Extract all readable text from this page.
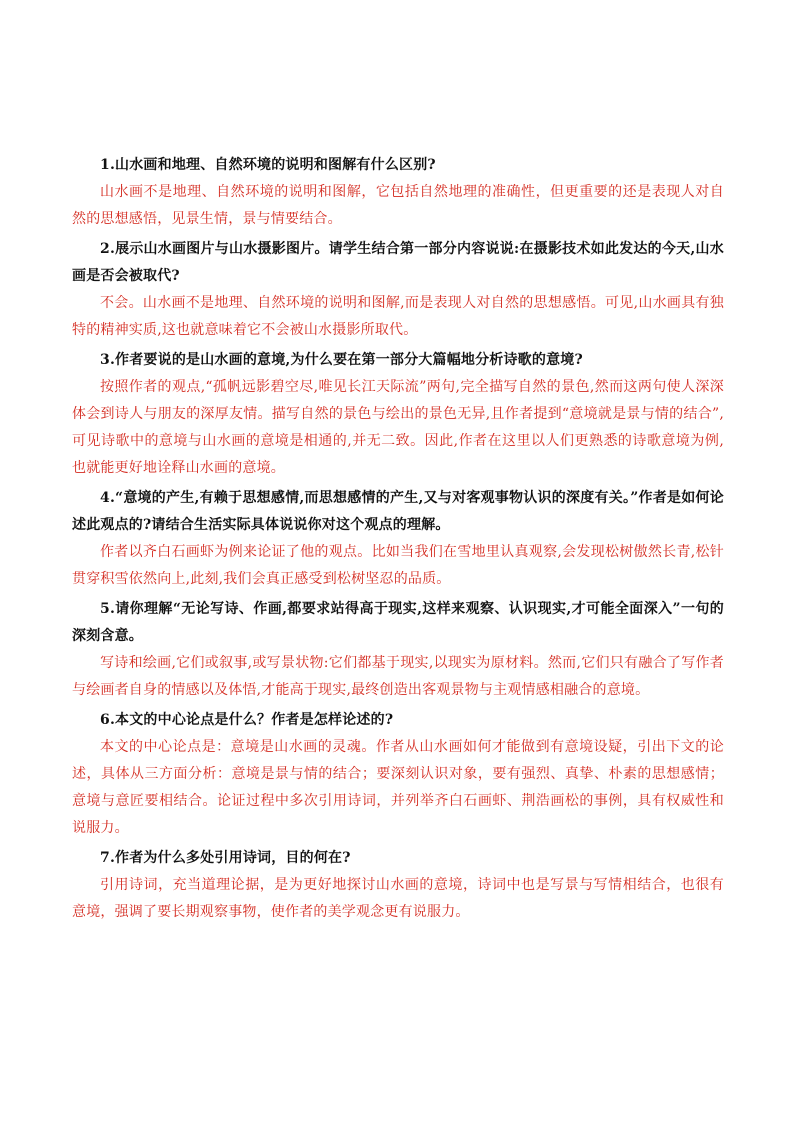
1.山水画和地理、自然环境的说明和图解有什么区别?

山水画不是地理、自然环境的说明和图解，它包括自然地理的准确性，但更重要的还是表现人对自然的思想感悟，见景生情，景与情要结合。

2.展示山水画图片与山水摄影图片。请学生结合第一部分内容说说:在摄影技术如此发达的今天,山水画是否会被取代?

不会。山水画不是地理、自然环境的说明和图解,而是表现人对自然的思想感悟。可见,山水画具有独特的精神实质,这也就意味着它不会被山水摄影所取代。

3.作者要说的是山水画的意境,为什么要在第一部分大篇幅地分析诗歌的意境?

按照作者的观点,“孤帆远影碧空尽,唯见长江天际流”两句,完全描写自然的景色,然而这两句使人深深体会到诗人与朋友的深厚友情。描写自然的景色与绘出的景色无异,且作者提到“意境就是景与情的结合”,可见诗歌中的意境与山水画的意境是相通的,并无二致。因此,作者在这里以人们更熟悉的诗歌意境为例,也就能更好地诠释山水画的意境。

4.“意境的产生,有赖于思想感情,而思想感情的产生,又与对客观事物认识的深度有关。”作者是如何论述此观点的?请结合生活实际具体说说你对这个观点的理解。

作者以齐白石画虾为例来论证了他的观点。比如当我们在雪地里认真观察,会发现松树傲然长青,松针贯穿积雪依然向上,此刻,我们会真正感受到松树坚忍的品质。

5.请你理解“无论写诗、作画,都要求站得高于现实,这样来观察、认识现实,才可能全面深入”一句的深刻含意。

写诗和绘画,它们或叙事,或写景状物:它们都基于现实,以现实为原材料。然而,它们只有融合了写作者与绘画者自身的情感以及体悟,才能高于现实,最终创造出客观景物与主观情感相融合的意境。

6.本文的中心论点是什么？作者是怎样论述的?

本文的中心论点是：意境是山水画的灵魂。作者从山水画如何才能做到有意境设疑，引出下文的论述，具体从三方面分析：意境是景与情的结合；要深刻认识对象，要有强烈、真挚、朴素的思想感情；意境与意匠要相结合。论证过程中多次引用诗词，并列举齐白石画虾、荆浩画松的事例，具有权威性和说服力。

7.作者为什么多处引用诗词，目的何在?

引用诗词，充当道理论据，是为更好地探讨山水画的意境，诗词中也是写景与写情相结合，也很有意境，强调了要长期观察事物，使作者的美学观念更有说服力。
